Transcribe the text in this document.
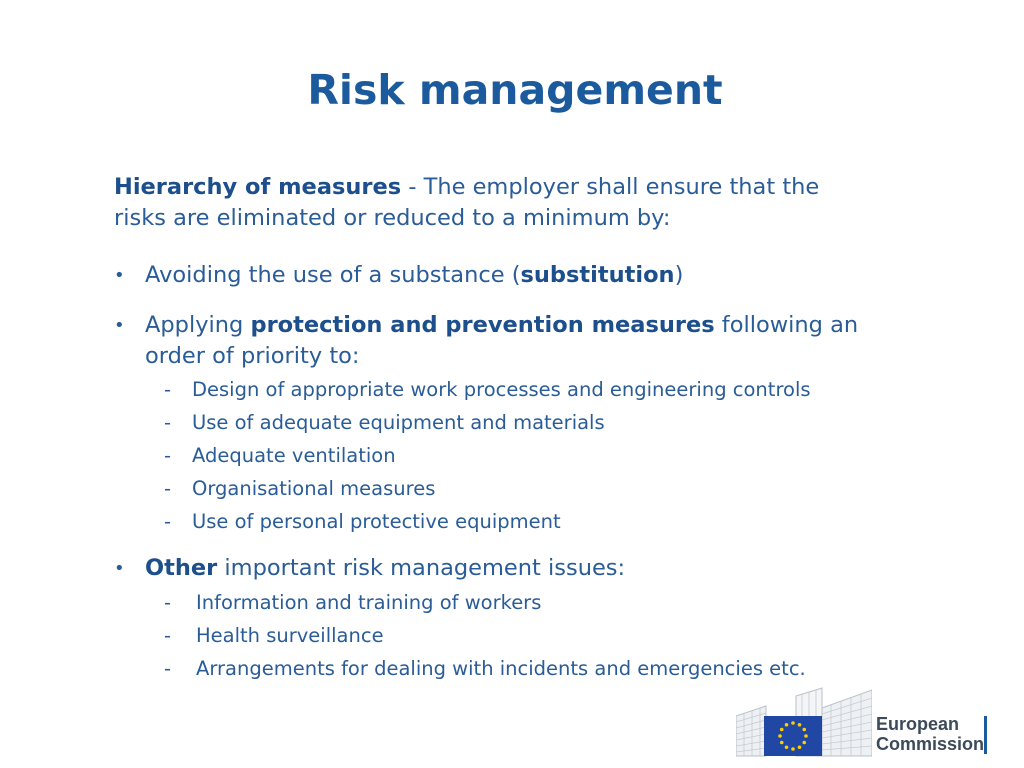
Risk management

Hierarchy of measures - The employer shall ensure that the
risks are eliminated or reduced to a minimum by:

• Avoiding the use of a substance (substitution)
• Applying protection and prevention measures following an
order of priority to:
- Design of appropriate work processes and engineering controls
- Use of adequate equipment and materials
- Adequate ventilation
- Organisational measures
- Use of personal protective equipment
• Other important risk management issues:
- Information and training of workers
- Health surveillance
- Arrangements for dealing with incidents and emergencies etc.
European
Commission
